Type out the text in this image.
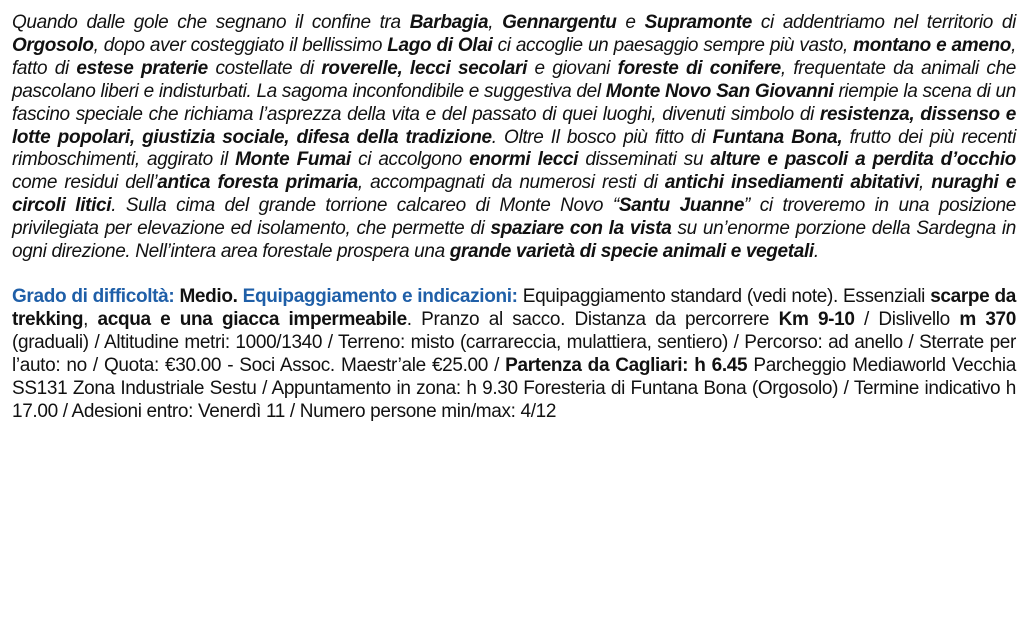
Quando dalle gole che segnano il confine tra Barbagia, Gennargentu e Supramonte ci addentriamo nel territorio di Orgosolo, dopo aver costeggiato il bellissimo Lago di Olai ci accoglie un paesaggio sempre più vasto, montano e ameno, fatto di estese praterie costellate di roverelle, lecci secolari e giovani foreste di conifere, frequentate da animali che pascolano liberi e indisturbati. La sagoma inconfondibile e suggestiva del Monte Novo San Giovanni riempie la scena di un fascino speciale che richiama l’asprezza della vita e del passato di quei luoghi, divenuti simbolo di resistenza, dissenso e lotte popolari, giustizia sociale, difesa della tradizione. Oltre Il bosco più fitto di Funtana Bona, frutto dei più recenti rimboschimenti, aggirato il Monte Fumai ci accolgono enormi lecci disseminati su alture e pascoli a perdita d’occhio come residui dell’antica foresta primaria, accompagnati da numerosi resti di antichi insediamenti abitativi, nuraghi e circoli litici. Sulla cima del grande torrione calcareo di Monte Novo “Santu Juanne” ci troveremo in una posizione privilegiata per elevazione ed isolamento, che permette di spaziare con la vista su un’enorme porzione della Sardegna in ogni direzione. Nell’intera area forestale prospera una grande varietà di specie animali e vegetali.

Grado di difficoltà: Medio. Equipaggiamento e indicazioni: Equipaggiamento standard (vedi note). Essenziali scarpe da trekking, acqua e una giacca impermeabile. Pranzo al sacco. Distanza da percorrere Km 9-10 / Dislivello m 370 (graduali) / Altitudine metri: 1000/1340 / Terreno: misto (carrareccia, mulattiera, sentiero) / Percorso: ad anello / Sterrate per l’auto: no / Quota: €30.00 - Soci Assoc. Maestr’ale €25.00 / Partenza da Cagliari: h 6.45 Parcheggio Mediaworld Vecchia SS131 Zona Industriale Sestu / Appuntamento in zona: h 9.30 Foresteria di Funtana Bona (Orgosolo) / Termine indicativo h 17.00 / Adesioni entro: Venerdì 11 / Numero persone min/max: 4/12
